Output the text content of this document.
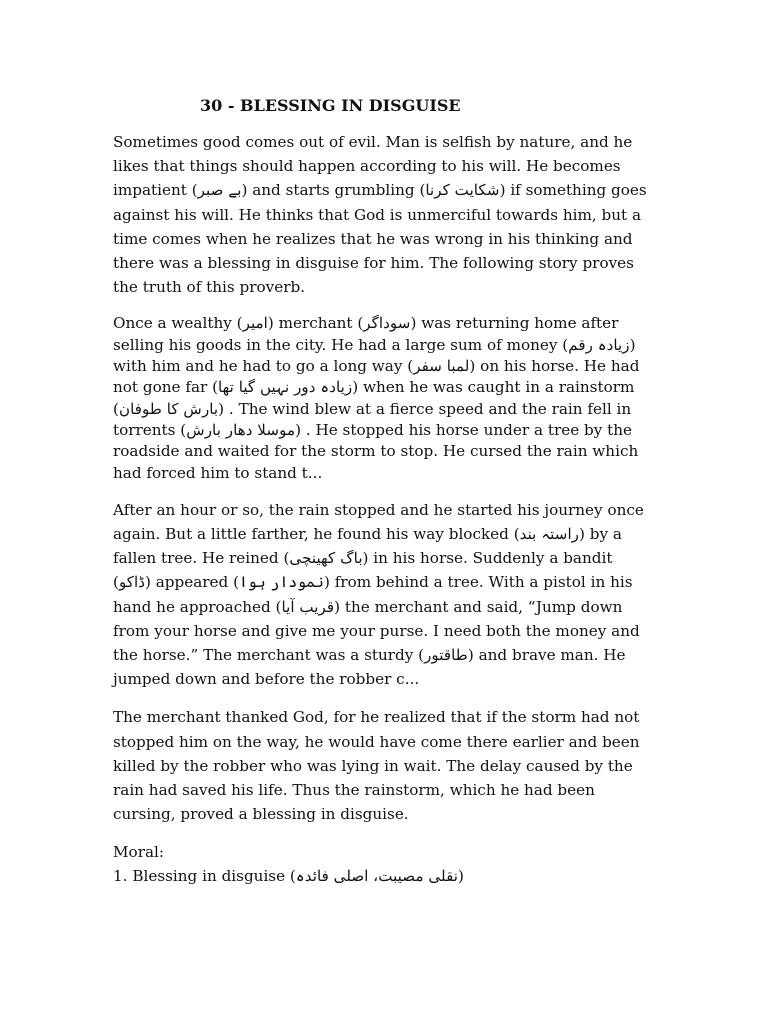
30 - BLESSING IN DISGUISE

Sometimes good comes out of evil. Man is selfish by nature, and he likes that things should happen according to his will. He becomes impatient (‫بے صبر‬) and starts grumbling (‫شکایت کرنا‬) if something goes against his will. He thinks that God is unmerciful towards him, but a time comes when he realizes that he was wrong in his thinking and there was a blessing in disguise for him. The following story proves the truth of this proverb.

Once a wealthy (‫امیر‬) merchant (‫سوداگر‬) was returning home after selling his goods in the city. He had a large sum of money (‫زیادہ رقم‬) with him and he had to go a long way (‫لمبا سفر‬) on his horse. He had not gone far (‫زیادہ دور نہیں گیا تھا‬) when he was caught in a rainstorm (‫بارش کا طوفان‬) . The wind blew at a fierce speed and the rain fell in torrents (‫موسلا دھار بارش‬) . He stopped his horse under a tree by the roadside and waited for the storm to stop. He cursed the rain which had forced him to stand t...

After an hour or so, the rain stopped and he started his journey once again. But a little farther, he found his way blocked (‫راستہ بند‬) by a fallen tree. He reined (‫باگ کھینچی‬) in his horse. Suddenly a bandit (‫ڈاکو‬) appeared (‫نمودار ہوا‬) from behind a tree. With a pistol in his hand he approached (‫قریب آیا‬) the merchant and said, “Jump down from your horse and give me your purse. I need both the money and the horse.” The merchant was a sturdy (‫طاقتور‬) and brave man. He jumped down and before the robber c...

The merchant thanked God, for he realized that if the storm had not stopped him on the way, he would have come there earlier and been killed by the robber who was lying in wait. The delay caused by the rain had saved his life. Thus the rainstorm, which he had been cursing, proved a blessing in disguise.

Moral:
1. Blessing in disguise (‫نقلی مصیبت، اصلی فائدہ‬)
